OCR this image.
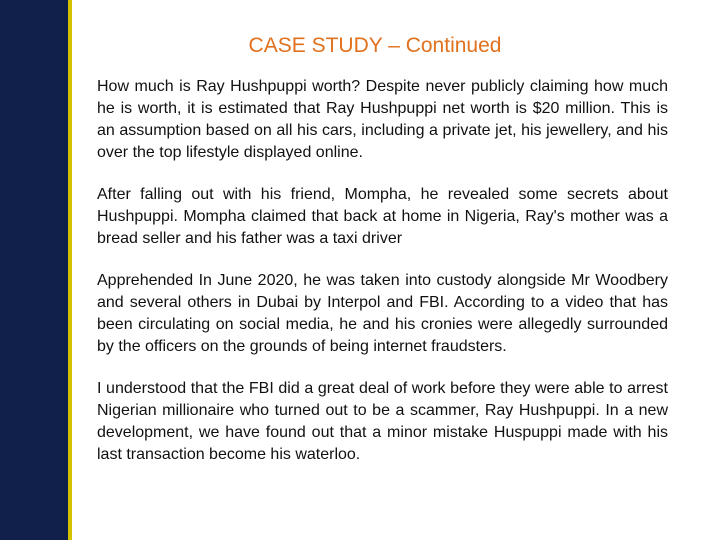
CASE STUDY – Continued

How much is Ray Hushpuppi worth? Despite never publicly claiming how much he is worth, it is estimated that Ray Hushpuppi net worth is $20 million. This is an assumption based on all his cars, including a private jet, his jewellery, and his over the top lifestyle displayed online.

After falling out with his friend, Mompha, he revealed some secrets about Hushpuppi. Mompha claimed that back at home in Nigeria, Ray's mother was a bread seller and his father was a taxi driver

Apprehended In June 2020, he was taken into custody alongside Mr Woodbery and several others in Dubai by Interpol and FBI. According to a video that has been circulating on social media, he and his cronies were allegedly surrounded by the officers on the grounds of being internet fraudsters.

I understood that the FBI did a great deal of work before they were able to arrest Nigerian millionaire who turned out to be a scammer, Ray Hushpuppi. In a new development, we have found out that a minor mistake Huspuppi made with his last transaction become his waterloo.
